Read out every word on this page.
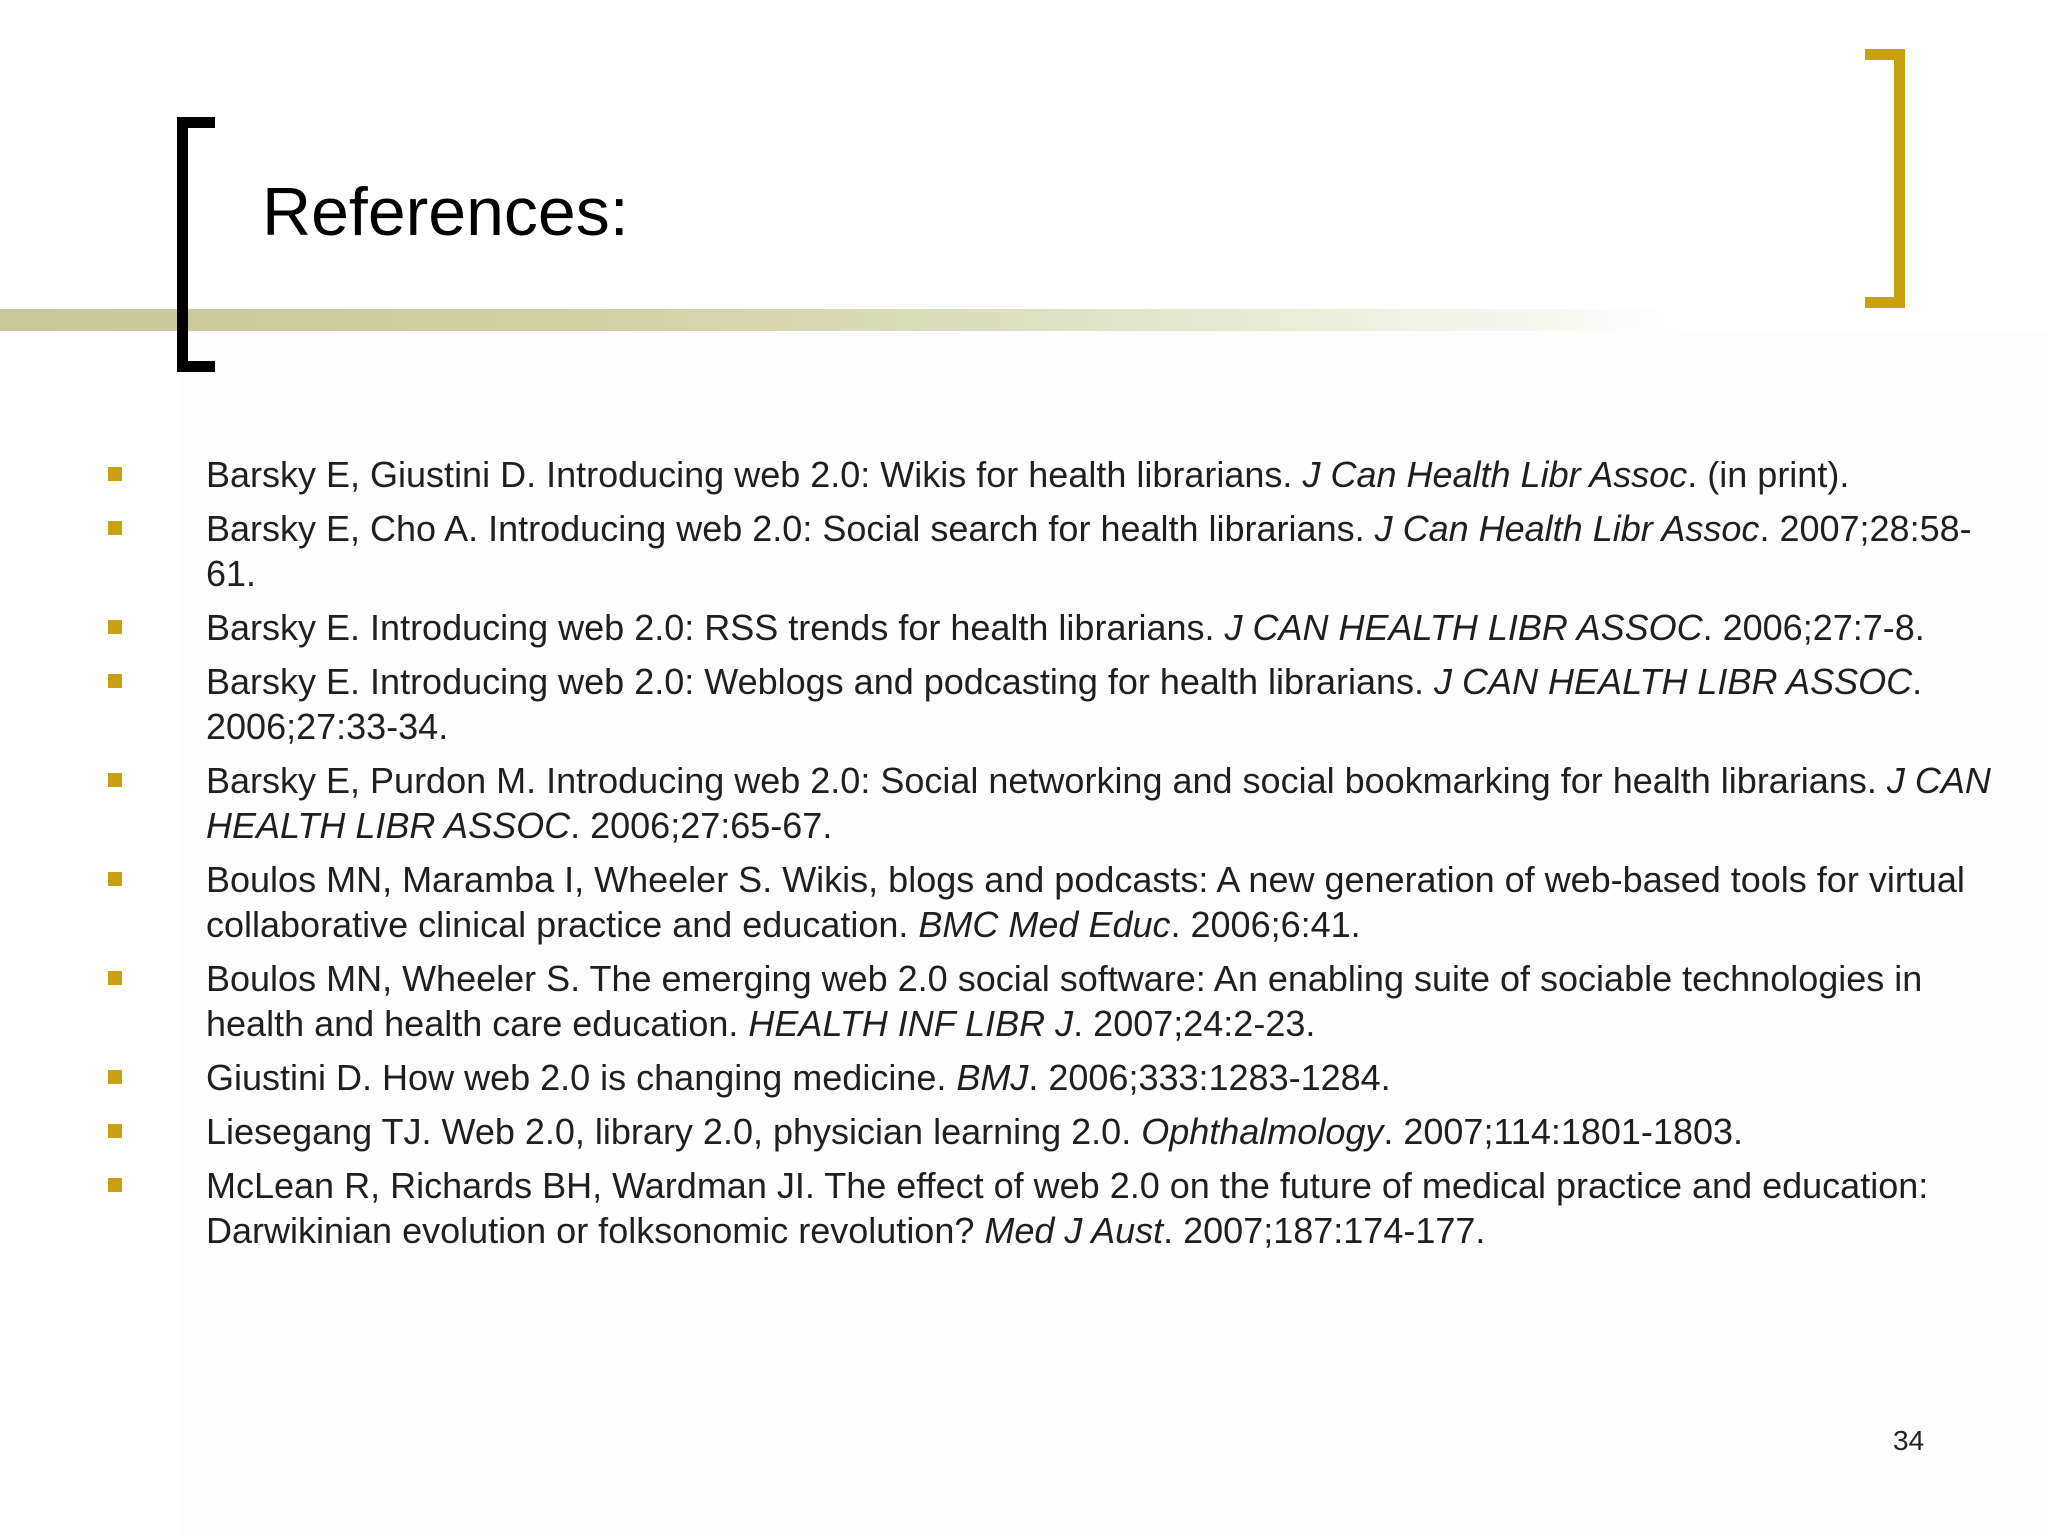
References:
Barsky E, Giustini D. Introducing web 2.0: Wikis for health librarians. J Can Health Libr Assoc. (in print).
Barsky E, Cho A. Introducing web 2.0: Social search for health librarians. J Can Health Libr Assoc. 2007;28:58-61.
Barsky E. Introducing web 2.0: RSS trends for health librarians. J CAN HEALTH LIBR ASSOC. 2006;27:7-8.
Barsky E. Introducing web 2.0: Weblogs and podcasting for health librarians. J CAN HEALTH LIBR ASSOC. 2006;27:33-34.
Barsky E, Purdon M. Introducing web 2.0: Social networking and social bookmarking for health librarians. J CAN HEALTH LIBR ASSOC. 2006;27:65-67.
Boulos MN, Maramba I, Wheeler S. Wikis, blogs and podcasts: A new generation of web-based tools for virtual collaborative clinical practice and education. BMC Med Educ. 2006;6:41.
Boulos MN, Wheeler S. The emerging web 2.0 social software: An enabling suite of sociable technologies in health and health care education. HEALTH INF LIBR J. 2007;24:2-23.
Giustini D. How web 2.0 is changing medicine. BMJ. 2006;333:1283-1284.
Liesegang TJ. Web 2.0, library 2.0, physician learning 2.0. Ophthalmology. 2007;114:1801-1803.
McLean R, Richards BH, Wardman JI. The effect of web 2.0 on the future of medical practice and education: Darwikinian evolution or folksonomic revolution? Med J Aust. 2007;187:174-177.
34
